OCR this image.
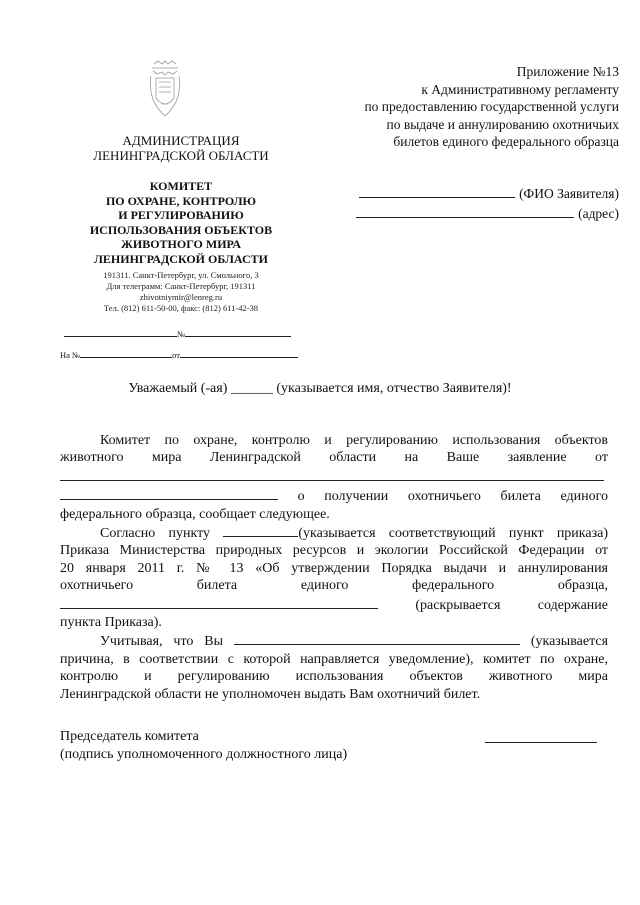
АДМИНИСТРАЦИЯ
ЛЕНИНГРАДСКОЙ ОБЛАСТИ
КОМИТЕТ
ПО ОХРАНЕ, КОНТРОЛЮ
И РЕГУЛИРОВАНИЮ
ИСПОЛЬЗОВАНИЯ ОБЪЕКТОВ
ЖИВОТНОГО МИРА
ЛЕНИНГРАДСКОЙ ОБЛАСТИ
191311. Санкт-Петербург, ул. Смольного, 3
Для телеграмм: Санкт-Петербург, 191311
zhivotniymir@lenreg.ru
Тел. (812) 611-50-00, факс: (812) 611-42-38
№
На №	от
Приложение №13
к Административному регламенту
по предоставлению государственной услуги
по выдаче и аннулированию охотничьих
билетов единого федерального образца
(ФИО Заявителя)
(адрес)
Уважаемый (-ая) ______ (указывается имя, отчество Заявителя)!
Комитет по охране, контролю и регулированию использования объектов
животного мира Ленинградской области на Ваше заявление от
о получении охотничьего билета единого
федерального образца, сообщает следующее.
Согласно пункту	(указывается соответствующий пункт приказа)
Приказа Министерства природных ресурсов и экологии Российской Федерации от
20 января 2011 г. № 13 «Об утверждении Порядка выдачи и аннулирования
охотничьего билета единого федерального образца,
(раскрывается содержание
пункта Приказа).
Учитывая, что Вы	(указывается
причина, в соответствии с которой направляется уведомление), комитет по охране,
контролю и регулированию использования объектов животного мира
Ленинградской области не уполномочен выдать Вам охотничий билет.
Председатель комитета
(подпись уполномоченного должностного лица)
